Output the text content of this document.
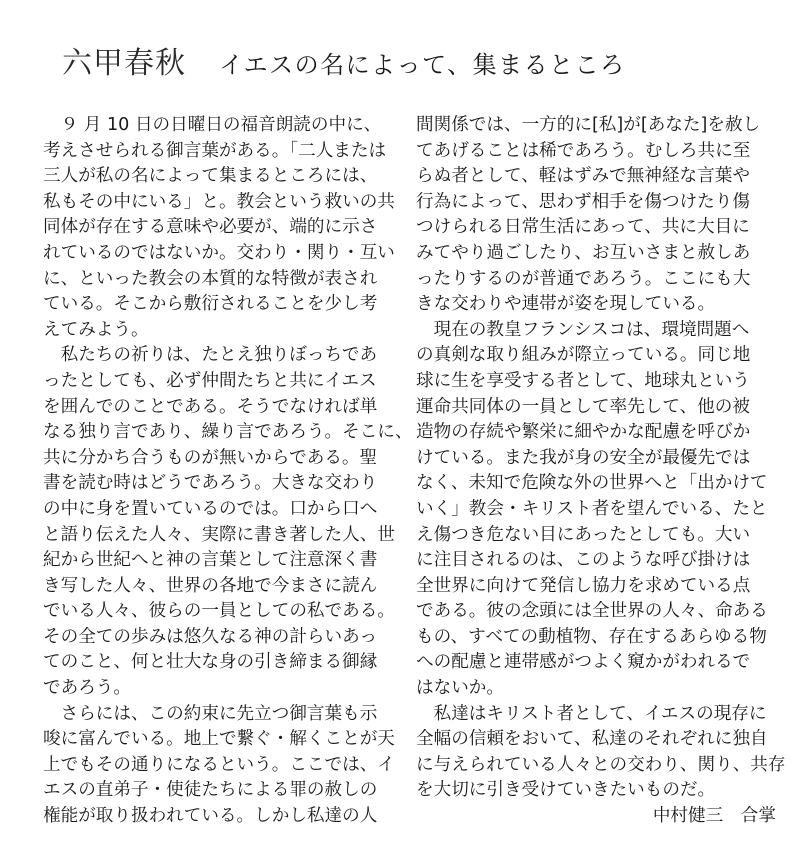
六甲春秋 イエスの名によって、集まるところ
　９ 月 10 日の日曜日の福音朗読の中に、
考えさせられる御言葉がある。「二人または
三人が私の名によって集まるところには、
私もその中にいる」と。教会という救いの共
同体が存在する意味や必要が、端的に示さ
れているのではないか。交わり・関り・互い
に、といった教会の本質的な特徴が表され
ている。そこから敷衍されることを少し考
えてみよう。
　私たちの祈りは、たとえ独りぼっちであ
ったとしても、必ず仲間たちと共にイエス
を囲んでのことである。そうでなければ単
なる独り言であり、繰り言であろう。そこに、
共に分かち合うものが無いからである。聖
書を読む時はどうであろう。大きな交わり
の中に身を置いているのでは。口から口へ
と語り伝えた人々、実際に書き著した人、世
紀から世紀へと神の言葉として注意深く書
き写した人々、世界の各地で今まさに読ん
でいる人々、彼らの一員としての私である。
その全ての歩みは悠久なる神の計らいあっ
てのこと、何と壮大な身の引き締まる御縁
であろう。
　さらには、この約束に先立つ御言葉も示
唆に富んでいる。地上で繋ぐ・解くことが天
上でもその通りになるという。ここでは、イ
エスの直弟子・使徒たちによる罪の赦しの
権能が取り扱われている。しかし私達の人
間関係では、一方的に[私]が[あなた]を赦し
てあげることは稀であろう。むしろ共に至
らぬ者として、軽はずみで無神経な言葉や
行為によって、思わず相手を傷つけたり傷
つけられる日常生活にあって、共に大目に
みてやり過ごしたり、お互いさまと赦しあ
ったりするのが普通であろう。ここにも大
きな交わりや連帯が姿を現している。
　現在の教皇フランシスコは、環境問題へ
の真剣な取り組みが際立っている。同じ地
球に生を享受する者として、地球丸という
運命共同体の一員として率先して、他の被
造物の存続や繁栄に細やかな配慮を呼びか
けている。また我が身の安全が最優先では
なく、未知で危険な外の世界へと「出かけて
いく」教会・キリスト者を望んでいる、たと
え傷つき危ない目にあったとしても。大い
に注目されるのは、このような呼び掛けは
全世界に向けて発信し協力を求めている点
である。彼の念頭には全世界の人々、命ある
もの、すべての動植物、存在するあらゆる物
への配慮と連帯感がつよく窺かがわれるで
はないか。
　私達はキリスト者として、イエスの現存に
全幅の信頼をおいて、私達のそれぞれに独自
に与えられている人々との交わり、関り、共存
を大切に引き受けていきたいものだ。
中村健三　合掌
